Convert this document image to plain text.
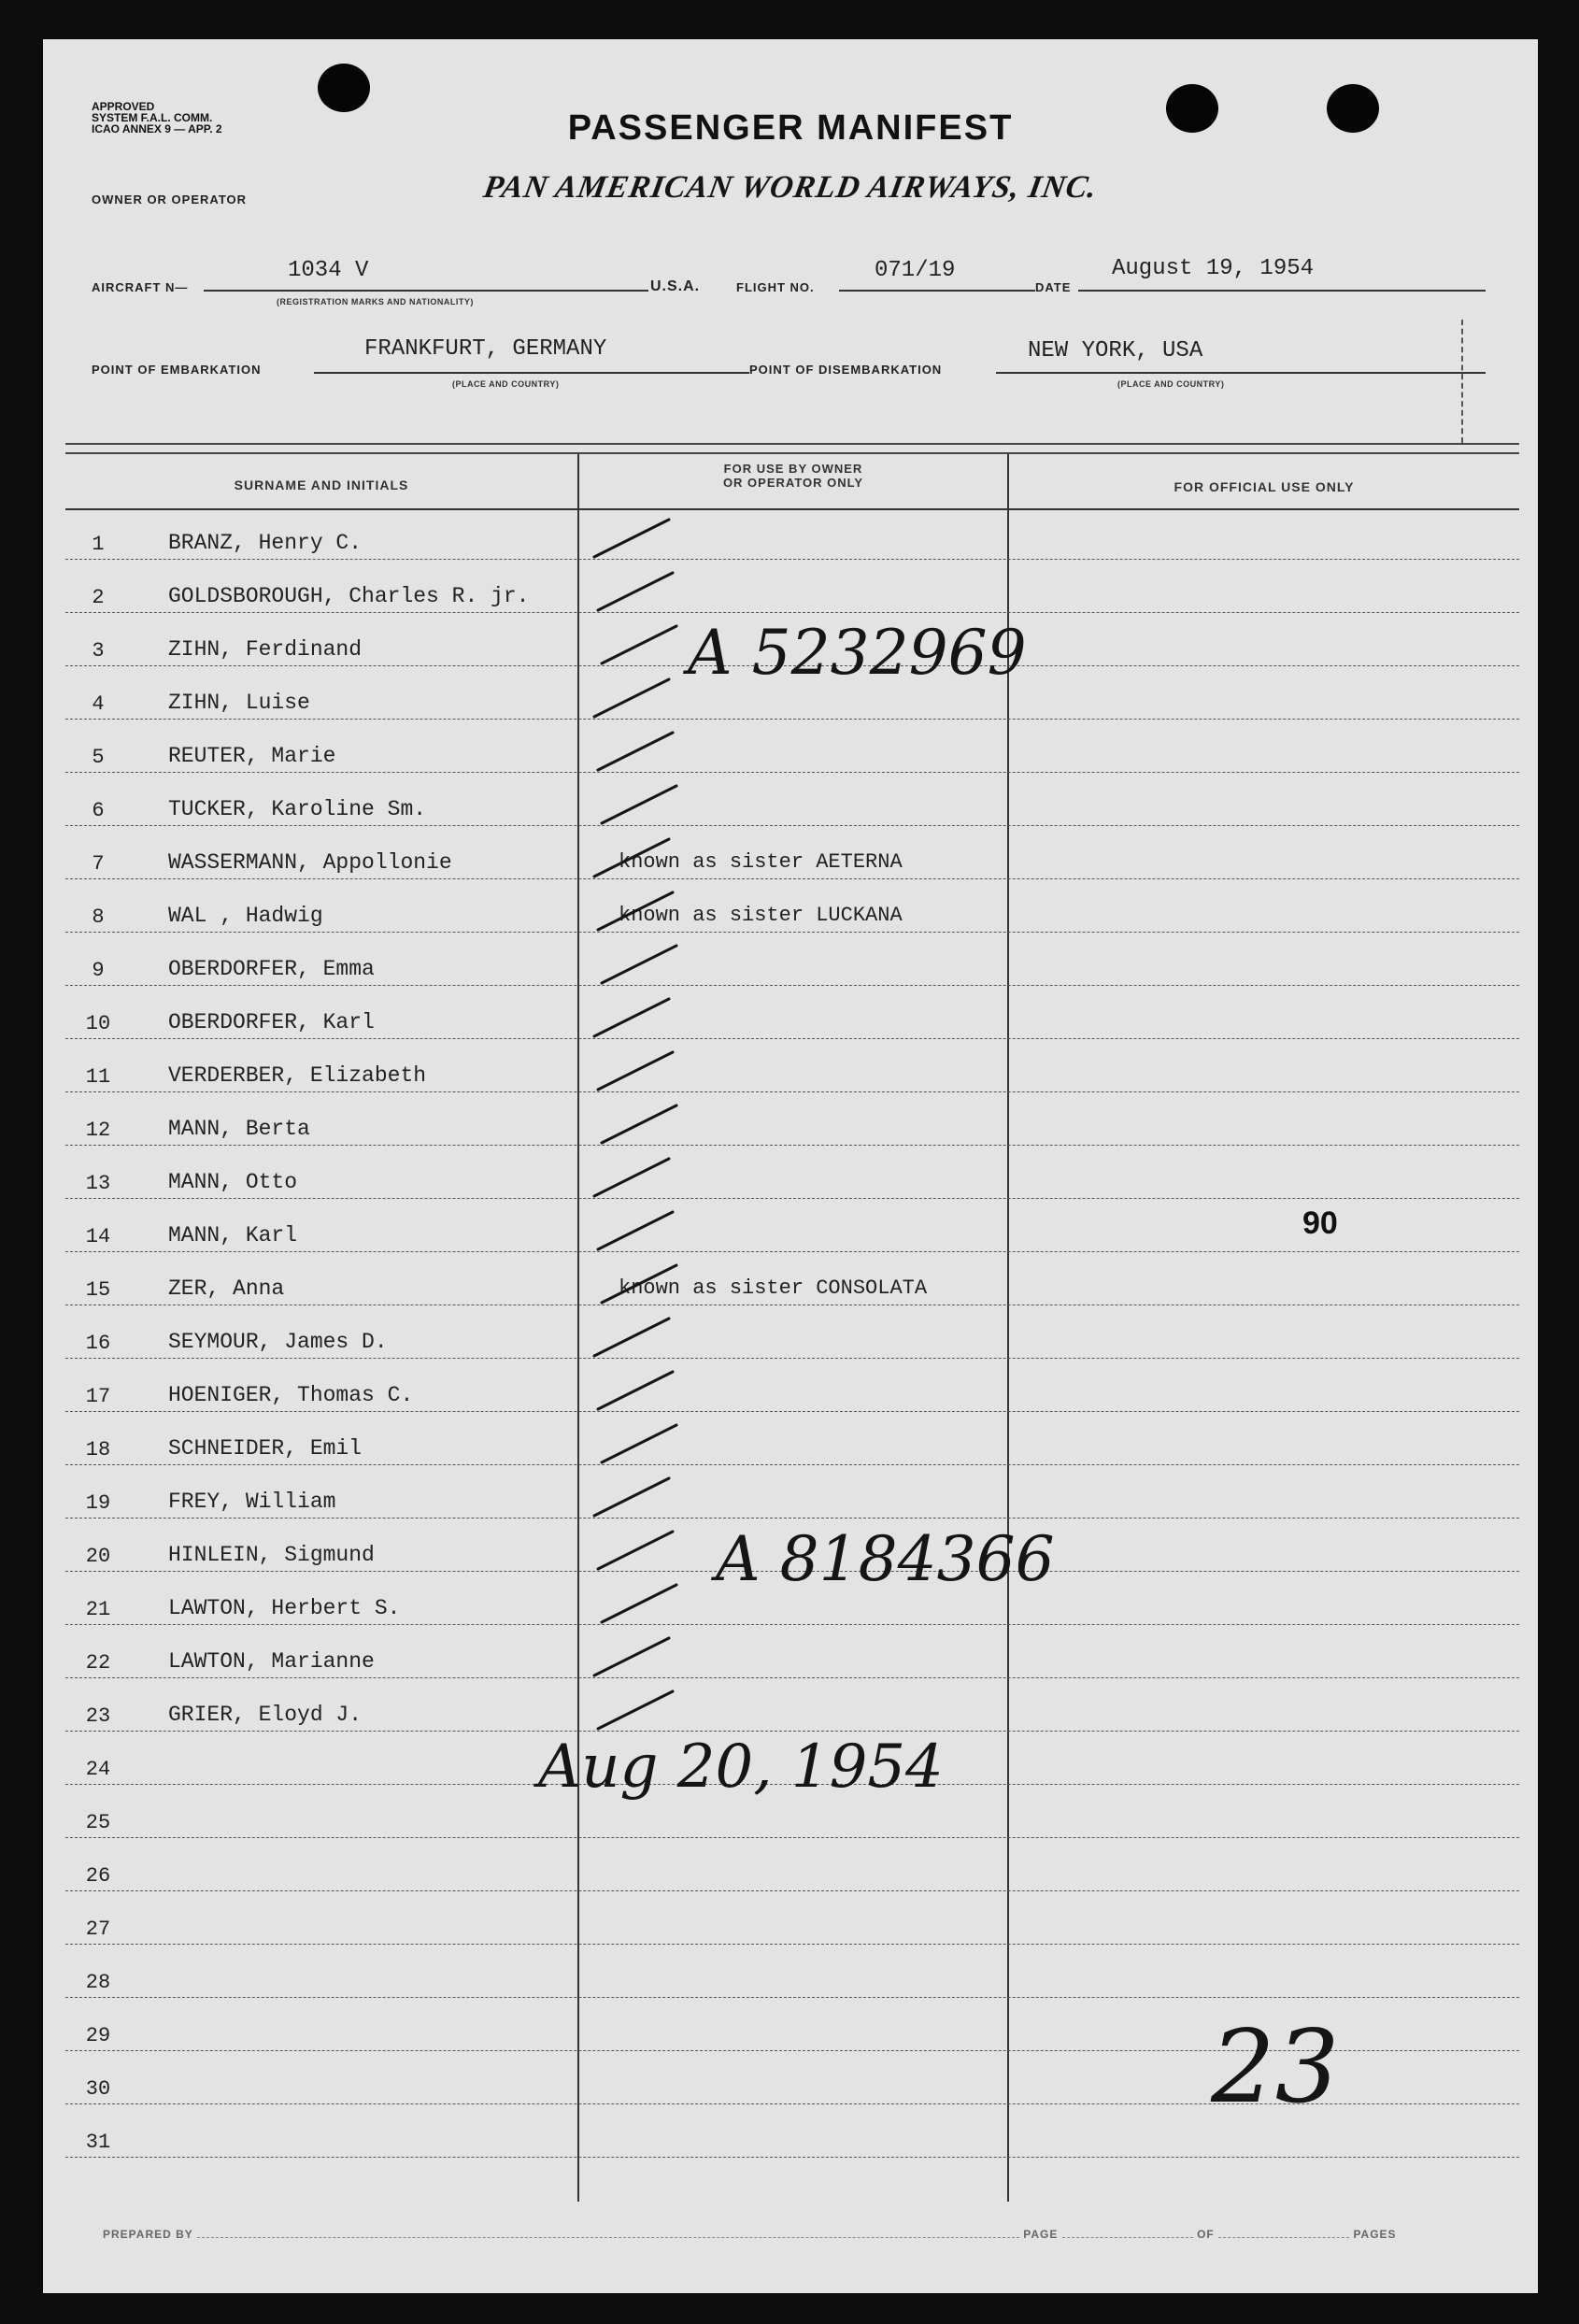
APPROVED
SYSTEM F.A.L. COMM.
ICAO ANNEX 9 — APP. 2	PASSENGER MANIFEST
OWNER OR OPERATOR	PAN AMERICAN WORLD AIRWAYS, INC.
AIRCRAFT N—
1034 V
(REGISTRATION MARKS AND NATIONALITY)
U.S.A.	FLIGHT NO.
071/19
DATE
August 19, 1954
POINT OF EMBARKATION
FRANKFURT, GERMANY
(PLACE AND COUNTRY)
POINT OF DISEMBARKATION
NEW YORK, USA
(PLACE AND COUNTRY)
SURNAME AND INITIALS
FOR USE BY OWNER
OR OPERATOR ONLY	FOR OFFICIAL USE ONLY
1	BRANZ, Henry C.
2	GOLDSBOROUGH, Charles R. jr.
3	ZIHN, Ferdinand
4	ZIHN, Luise
5	REUTER, Marie
6	TUCKER, Karoline Sm.
7	WASSERMANN, Appollonie	known as sister AETERNA
8	WAL , Hadwig	known as sister LUCKANA
9	OBERDORFER, Emma
10	OBERDORFER, Karl
11	VERDERBER, Elizabeth
12	MANN, Berta
13	MANN, Otto
14	MANN, Karl
15	ZER, Anna	known as sister CONSOLATA
16	SEYMOUR, James D.
17	HOENIGER, Thomas C.
18	SCHNEIDER, Emil
19	FREY, William
20	HINLEIN, Sigmund
21	LAWTON, Herbert S.
22	LAWTON, Marianne
23	GRIER, Eloyd J.
24
25
26
27
28
29
30
31
A 5232969
A 8184366
90
Aug 20, 1954
23
PREPARED BY	PAGE	OF	PAGES
